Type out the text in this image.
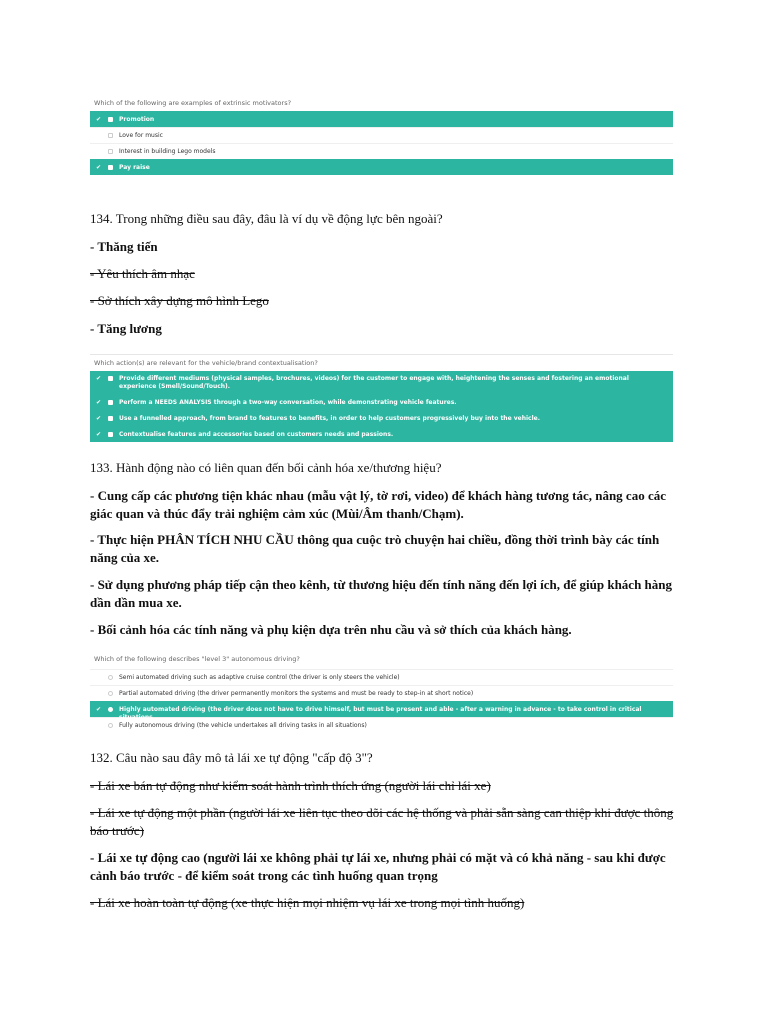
Which of the following are examples of extrinsic motivators?
✔	Promotion
Love for music
Interest in building Lego models
✔	Pay raise
134. Trong những điều sau đây, đâu là ví dụ về động lực bên ngoài?
- Thăng tiến
- Yêu thích âm nhạc
- Sở thích xây dựng mô hình Lego
- Tăng lương
Which action(s) are relevant for the vehicle/brand contextualisation?
✔	Provide different mediums (physical samples, brochures, videos) for the customer to engage with, heightening the senses and fostering an emotional experience (Smell/Sound/Touch).
✔	Perform a NEEDS ANALYSIS through a two-way conversation, while demonstrating vehicle features.
✔	Use a funnelled approach, from brand to features to benefits, in order to help customers progressively buy into the vehicle.
✔	Contextualise features and accessories based on customers needs and passions.
133. Hành động nào có liên quan đến bối cảnh hóa xe/thương hiệu?
- Cung cấp các phương tiện khác nhau (mẫu vật lý, tờ rơi, video) để khách hàng tương tác, nâng cao các giác quan và thúc đẩy trải nghiệm cảm xúc (Mùi/Âm thanh/Chạm).
- Thực hiện PHÂN TÍCH NHU CẦU thông qua cuộc trò chuyện hai chiều, đồng thời trình bày các tính năng của xe.
- Sử dụng phương pháp tiếp cận theo kênh, từ thương hiệu đến tính năng đến lợi ích, để giúp khách hàng dần dần mua xe.
- Bối cảnh hóa các tính năng và phụ kiện dựa trên nhu cầu và sở thích của khách hàng.
Which of the following describes "level 3" autonomous driving?
Semi automated driving such as adaptive cruise control (the driver is only steers the vehicle)
Partial automated driving (the driver permanently monitors the systems and must be ready to step-in at short notice)
✔	Highly automated driving (the driver does not have to drive himself, but must be present and able - after a warning in advance - to take control in critical situations
Fully autonomous driving (the vehicle undertakes all driving tasks in all situations)
132. Câu nào sau đây mô tả lái xe tự động "cấp độ 3"?
- Lái xe bán tự động như kiểm soát hành trình thích ứng (người lái chỉ lái xe)
- Lái xe tự động một phần (người lái xe liên tục theo dõi các hệ thống và phải sẵn sàng can thiệp khi được thông báo trước)
- Lái xe tự động cao (người lái xe không phải tự lái xe, nhưng phải có mặt và có khả năng - sau khi được cảnh báo trước - để kiểm soát trong các tình huống quan trọng
- Lái xe hoàn toàn tự động (xe thực hiện mọi nhiệm vụ lái xe trong mọi tình huống)
